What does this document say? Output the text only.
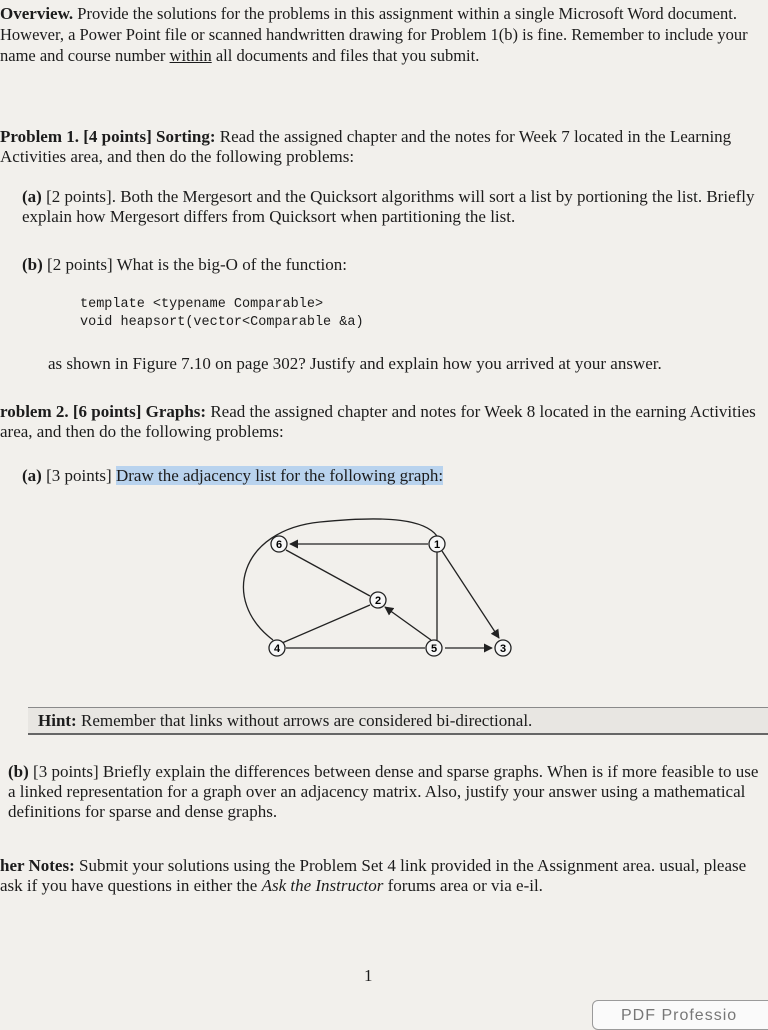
Overview. Provide the solutions for the problems in this assignment within a single Microsoft Word document. However, a Power Point file or scanned handwritten drawing for Problem 1(b) is fine. Remember to include your name and course number within all documents and files that you submit.

Problem 1. [4 points] Sorting: Read the assigned chapter and the notes for Week 7 located in the Learning Activities area, and then do the following problems:

(a) [2 points]. Both the Mergesort and the Quicksort algorithms will sort a list by portioning the list. Briefly explain how Mergesort differs from Quicksort when partitioning the list.

(b) [2 points] What is the big-O of the function:

template <typename Comparable>
void heapsort(vector<Comparable &a)

as shown in Figure 7.10 on page 302? Justify and explain how you arrived at your answer.

roblem 2. [6 points] Graphs: Read the assigned chapter and notes for Week 8 located in the earning Activities area, and then do the following problems:

(a) [3 points] Draw the adjacency list for the following graph:

6	1
2
4	5	3
Hint: Remember that links without arrows are considered bi-directional.

(b) [3 points] Briefly explain the differences between dense and sparse graphs. When is if more feasible to use a linked representation for a graph over an adjacency matrix. Also, justify your answer using a mathematical definitions for sparse and dense graphs.

her Notes: Submit your solutions using the Problem Set 4 link provided in the Assignment area. usual, please ask if you have questions in either the Ask the Instructor forums area or via e-il.

1
PDF Professio
